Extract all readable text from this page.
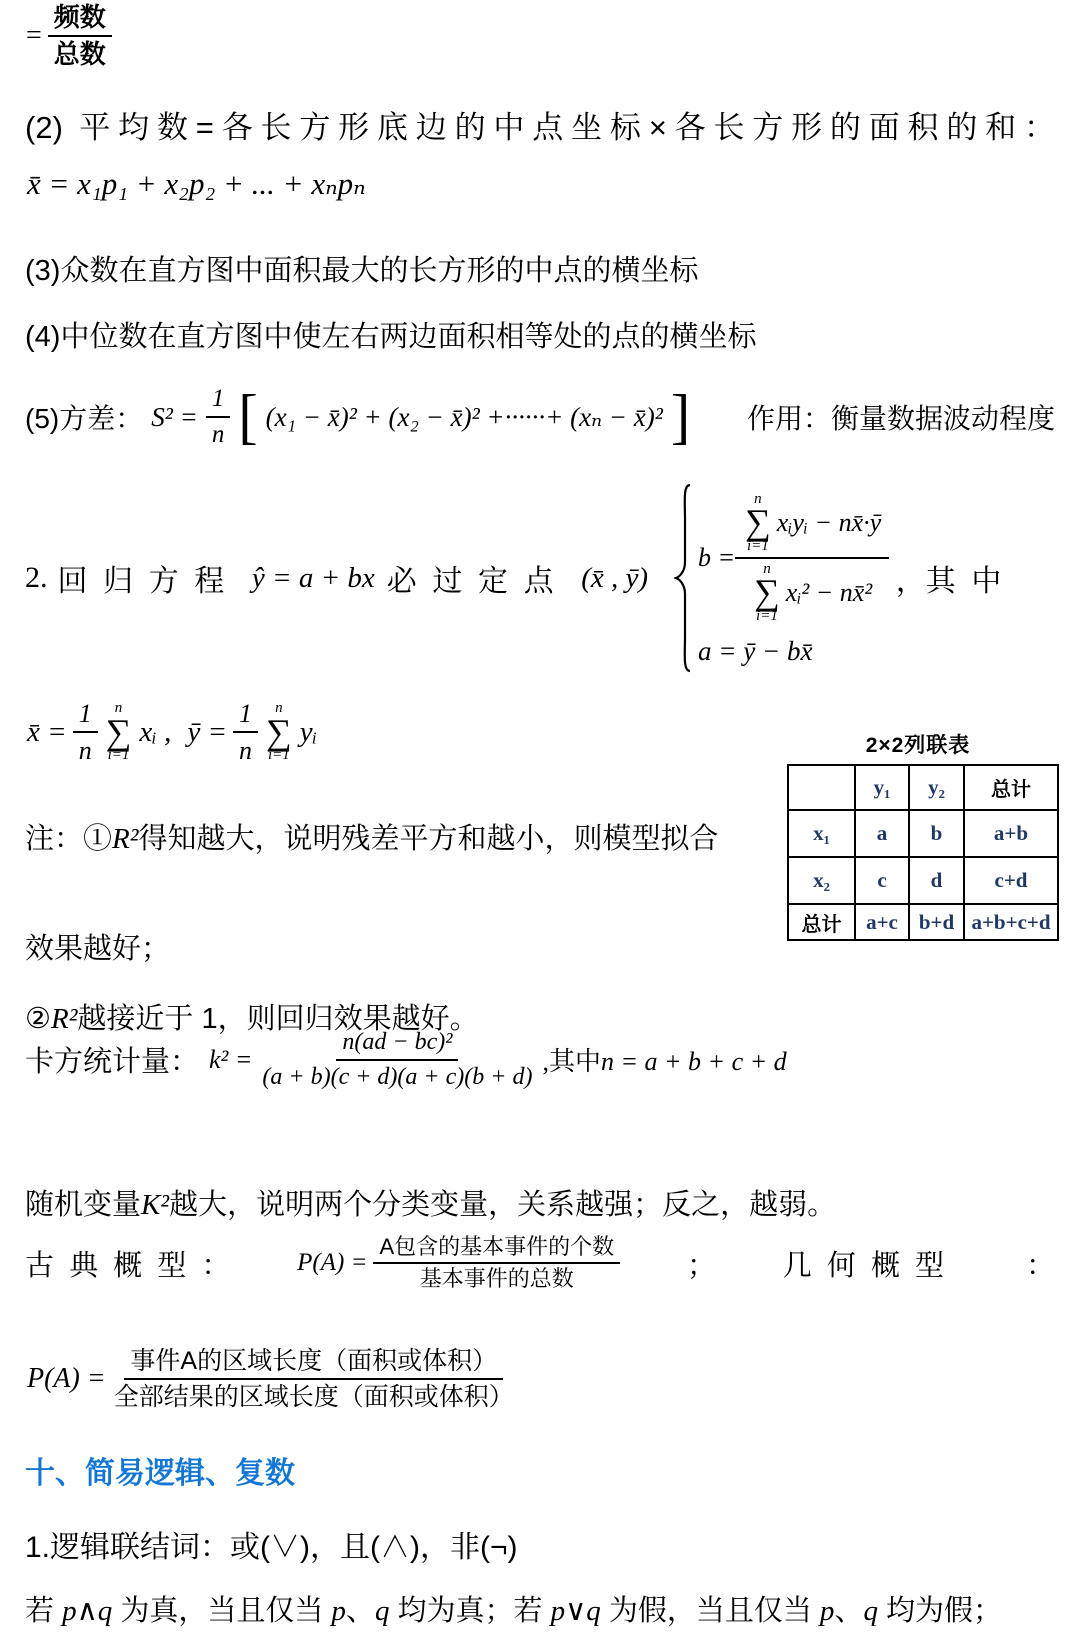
= $\frac{\text{频数}}{\text{总数}}$
(2) 平均数=各长方形底边的中点坐标×各长方形的面积的和：
x̄ = x₁p₁ + x₂p₂ + ... + xₙpₙ
(3)众数在直方图中面积最大的长方形的中点的横坐标
(4)中位数在直方图中使左右两边面积相等处的点的横坐标
(5)方差： $S^2 = \frac{1}{n}$ [ (x₁ − x̄)² + (x₂ − x̄)² +······+ (xₙ − x̄)² ] 作用：衡量数据波动程度
2. 回归方程 ŷ = a + bx 必过定点 (x̄ , ȳ)
b =
n
∑
i=1
xᵢyᵢ − nx̄·ȳ
n
∑
i=1
xᵢ² − nx̄²
a = ȳ − bx̄
， 其中
x̄ = $\frac{1}{n}$ n
∑
i=1
xᵢ , ȳ = $\frac{1}{n}$ n
∑
i=1
yᵢ	2×2列联表
	y₁	y₂	总计
x₁	a	b	a+b
x₂	c	d	c+d
总计	a+c	b+d	a+b+c+d
注：①R²得知越大，说明残差平方和越小，则模型拟合
效果越好；
②R²越接近于 1，则回归效果越好。
卡方统计量： $k^2 = \frac{\text{n(ad − bc)²}}{(a + b)(c + d)(a + c)(b + d)}$ ,其中n = a + b + c + d
随机变量K²越大，说明两个分类变量，关系越强；反之，越弱。
古典概型：	$P(A) = \frac{\text{A包含的基本事件的个数}}{\text{基本事件的总数}}$ ； 几何概型 ：
$P(A) = \frac{\text{事件A的区域长度（面积或体积）}}{\text{全部结果的区域长度（面积或体积）}}$
十、简易逻辑、复数
1.逻辑联结词：或(∨)，且(∧)，非(¬)
若 p∧q 为真，当且仅当 p、q 均为真；若 p∨q 为假，当且仅当 p、q 均为假；
